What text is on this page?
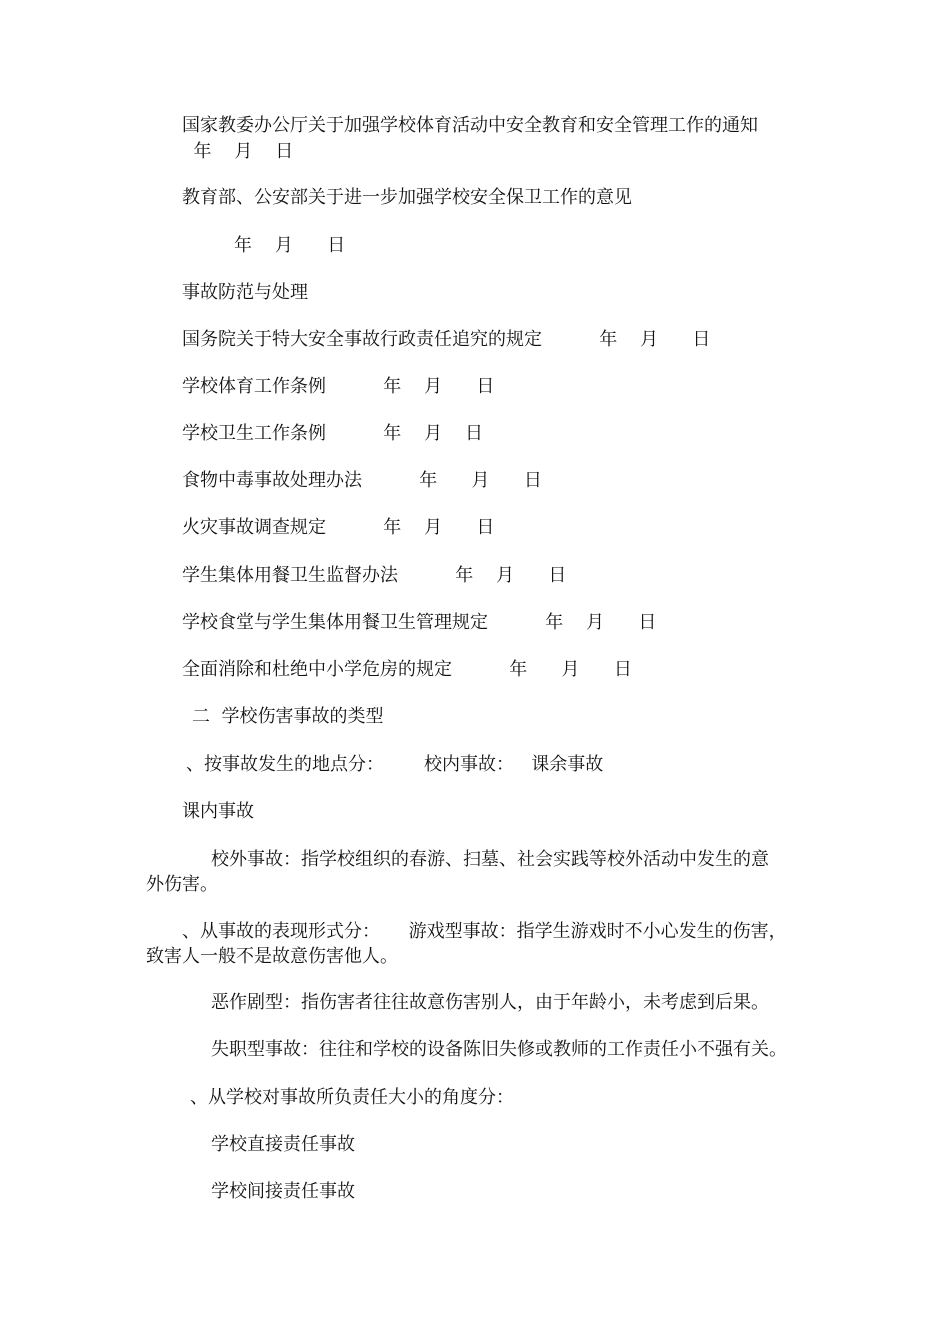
国家教委办公厅关于加强学校体育活动中安全教育和安全管理工作的通知

年    月    日

教育部、公安部关于进一步加强学校安全保卫工作的意见

年    月      日

事故防范与处理

国务院关于特大安全事故行政责任追究的规定          年    月      日

学校体育工作条例          年    月      日

学校卫生工作条例          年    月    日

食物中毒事故处理办法          年      月      日

火灾事故调查规定          年    月      日

学生集体用餐卫生监督办法          年    月      日

学校食堂与学生集体用餐卫生管理规定          年    月      日

全面消除和杜绝中小学危房的规定          年      月      日

二  学校伤害事故的类型

、按事故发生的地点分：       校内事故：   课余事故

课内事故

校外事故：指学校组织的春游、扫墓、社会实践等校外活动中发生的意

外伤害。

、从事故的表现形式分：     游戏型事故：指学生游戏时不小心发生的伤害，

致害人一般不是故意伤害他人。

恶作剧型：指伤害者往往故意伤害别人，由于年龄小，未考虑到后果。

失职型事故：往往和学校的设备陈旧失修或教师的工作责任小不强有关。

、从学校对事故所负责任大小的角度分：

学校直接责任事故

学校间接责任事故
